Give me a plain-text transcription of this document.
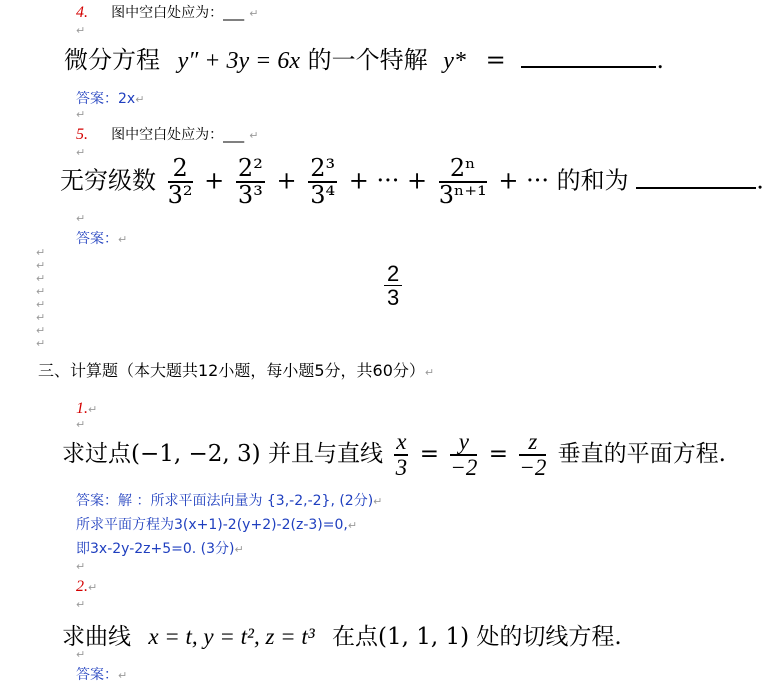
4. 图中空白处应为：___ ↵
↵
微分方程 y″ + 3y = 6x 的一个特解 y* =	.
答案：2x↵
↵
5. 图中空白处应为：___ ↵
↵
无穷级数 $\frac{2}{\text{3²}} + \frac{\text{2²}}{\text{3³}} + \frac{\text{2³}}{\text{3⁴}}$ + ··· + $\frac{\text{2ⁿ}}{\text{3ⁿ⁺¹}}$ + ··· 的和为	.
↵
答案：↵
↵
↵
↵
↵
↵
↵
↵
↵
$\frac{2}{3}$
三、计算题（本大题共12小题，每小题5分，共60分）↵
1.↵
↵
求过点(−1, −2, 3) 并且与直线 $\frac{x}{3} = \frac{y}{-2} = \frac{z}{-2}$ 垂直的平面方程.
答案：解 ：所求平面法向量为 {3,-2,-2}, (2分)↵
所求平面方程为3(x+1)-2(y+2)-2(z-3)=0,↵
即3x-2y-2z+5=0. (3分)↵
↵
2.↵
↵
求曲线 x = t, y = t², z = t³ 在点(1, 1, 1) 处的切线方程.
↵
答案：↵
